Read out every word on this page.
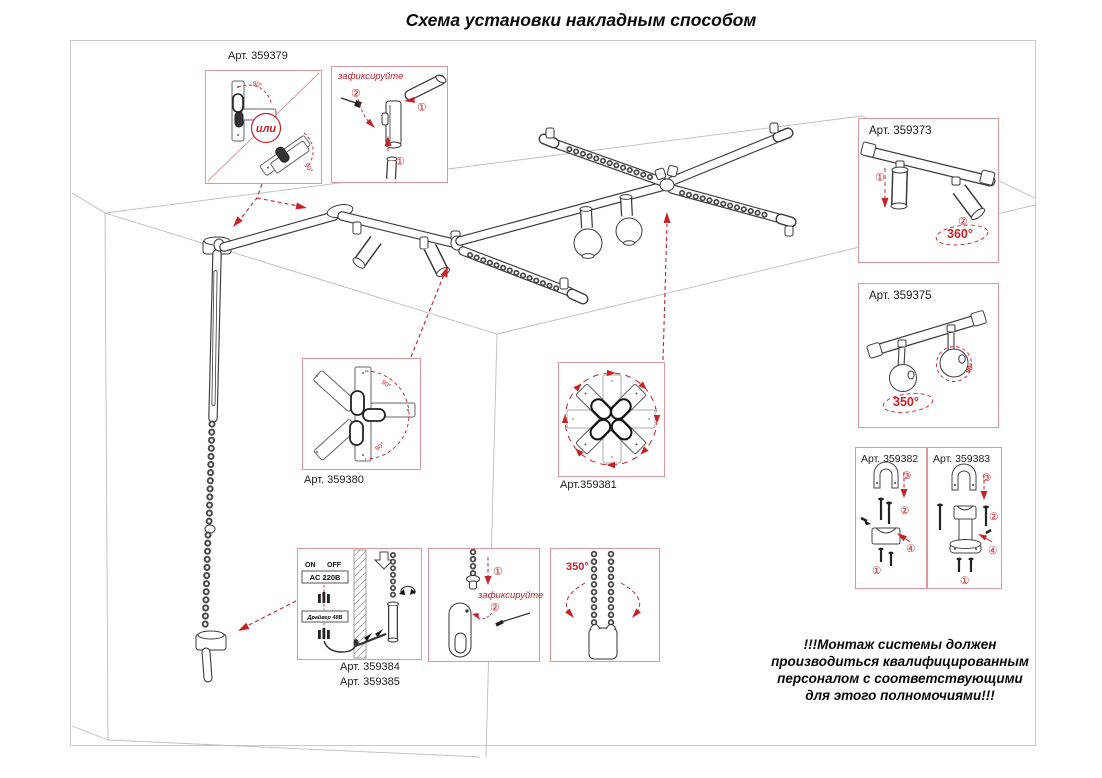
Схема установки накладным способом
Арт. 359379
90°
90°
или
①
①
②
зафиксируйте
①
②
Арт. 359373
360°
90°
Арт. 359375
350°
③
②
④
①
Арт. 359382
③
②
④
①
Арт. 359383
90°
90°
Арт. 359380	Арт.359381
ON OFF
AC 220В
Драйвер 48В
Арт. 359384
Арт. 359385
①
②
зафиксируйте
350°
!!!Монтаж системы должен
производиться квалифицированным
персоналом с соответствующими
для этого полномочиями!!!
